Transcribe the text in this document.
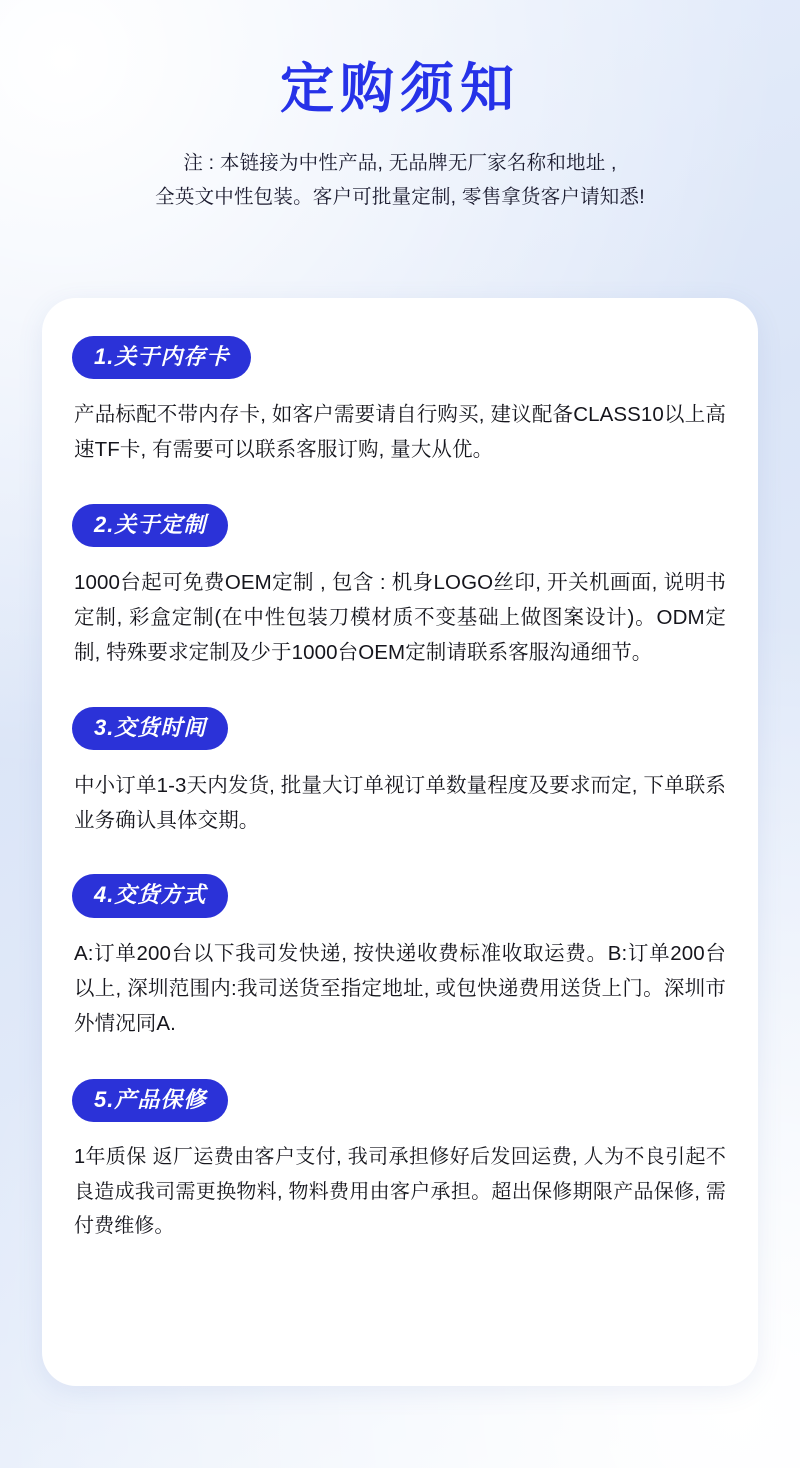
定购须知
注 : 本链接为中性产品, 无品牌无厂家名称和地址 ,
全英文中性包装。客户可批量定制, 零售拿货客户请知悉!
1.关于内存卡

产品标配不带内存卡, 如客户需要请自行购买, 建议配备CLASS10以上高速TF卡, 有需要可以联系客服订购, 量大从优。

2.关于定制

1000台起可免费OEM定制 , 包含 : 机身LOGO丝印, 开关机画面, 说明书定制, 彩盒定制(在中性包装刀模材质不变基础上做图案设计)。ODM定制, 特殊要求定制及少于1000台OEM定制请联系客服沟通细节。

3.交货时间

中小订单1-3天内发货, 批量大订单视订单数量程度及要求而定, 下单联系业务确认具体交期。

4.交货方式

A:订单200台以下我司发快递, 按快递收费标准收取运费。B:订单200台以上, 深圳范围内:我司送货至指定地址, 或包快递费用送货上门。深圳市外情况同A.

5.产品保修

1年质保 返厂运费由客户支付, 我司承担修好后发回运费, 人为不良引起不良造成我司需更换物料, 物料费用由客户承担。超出保修期限产品保修, 需付费维修。
